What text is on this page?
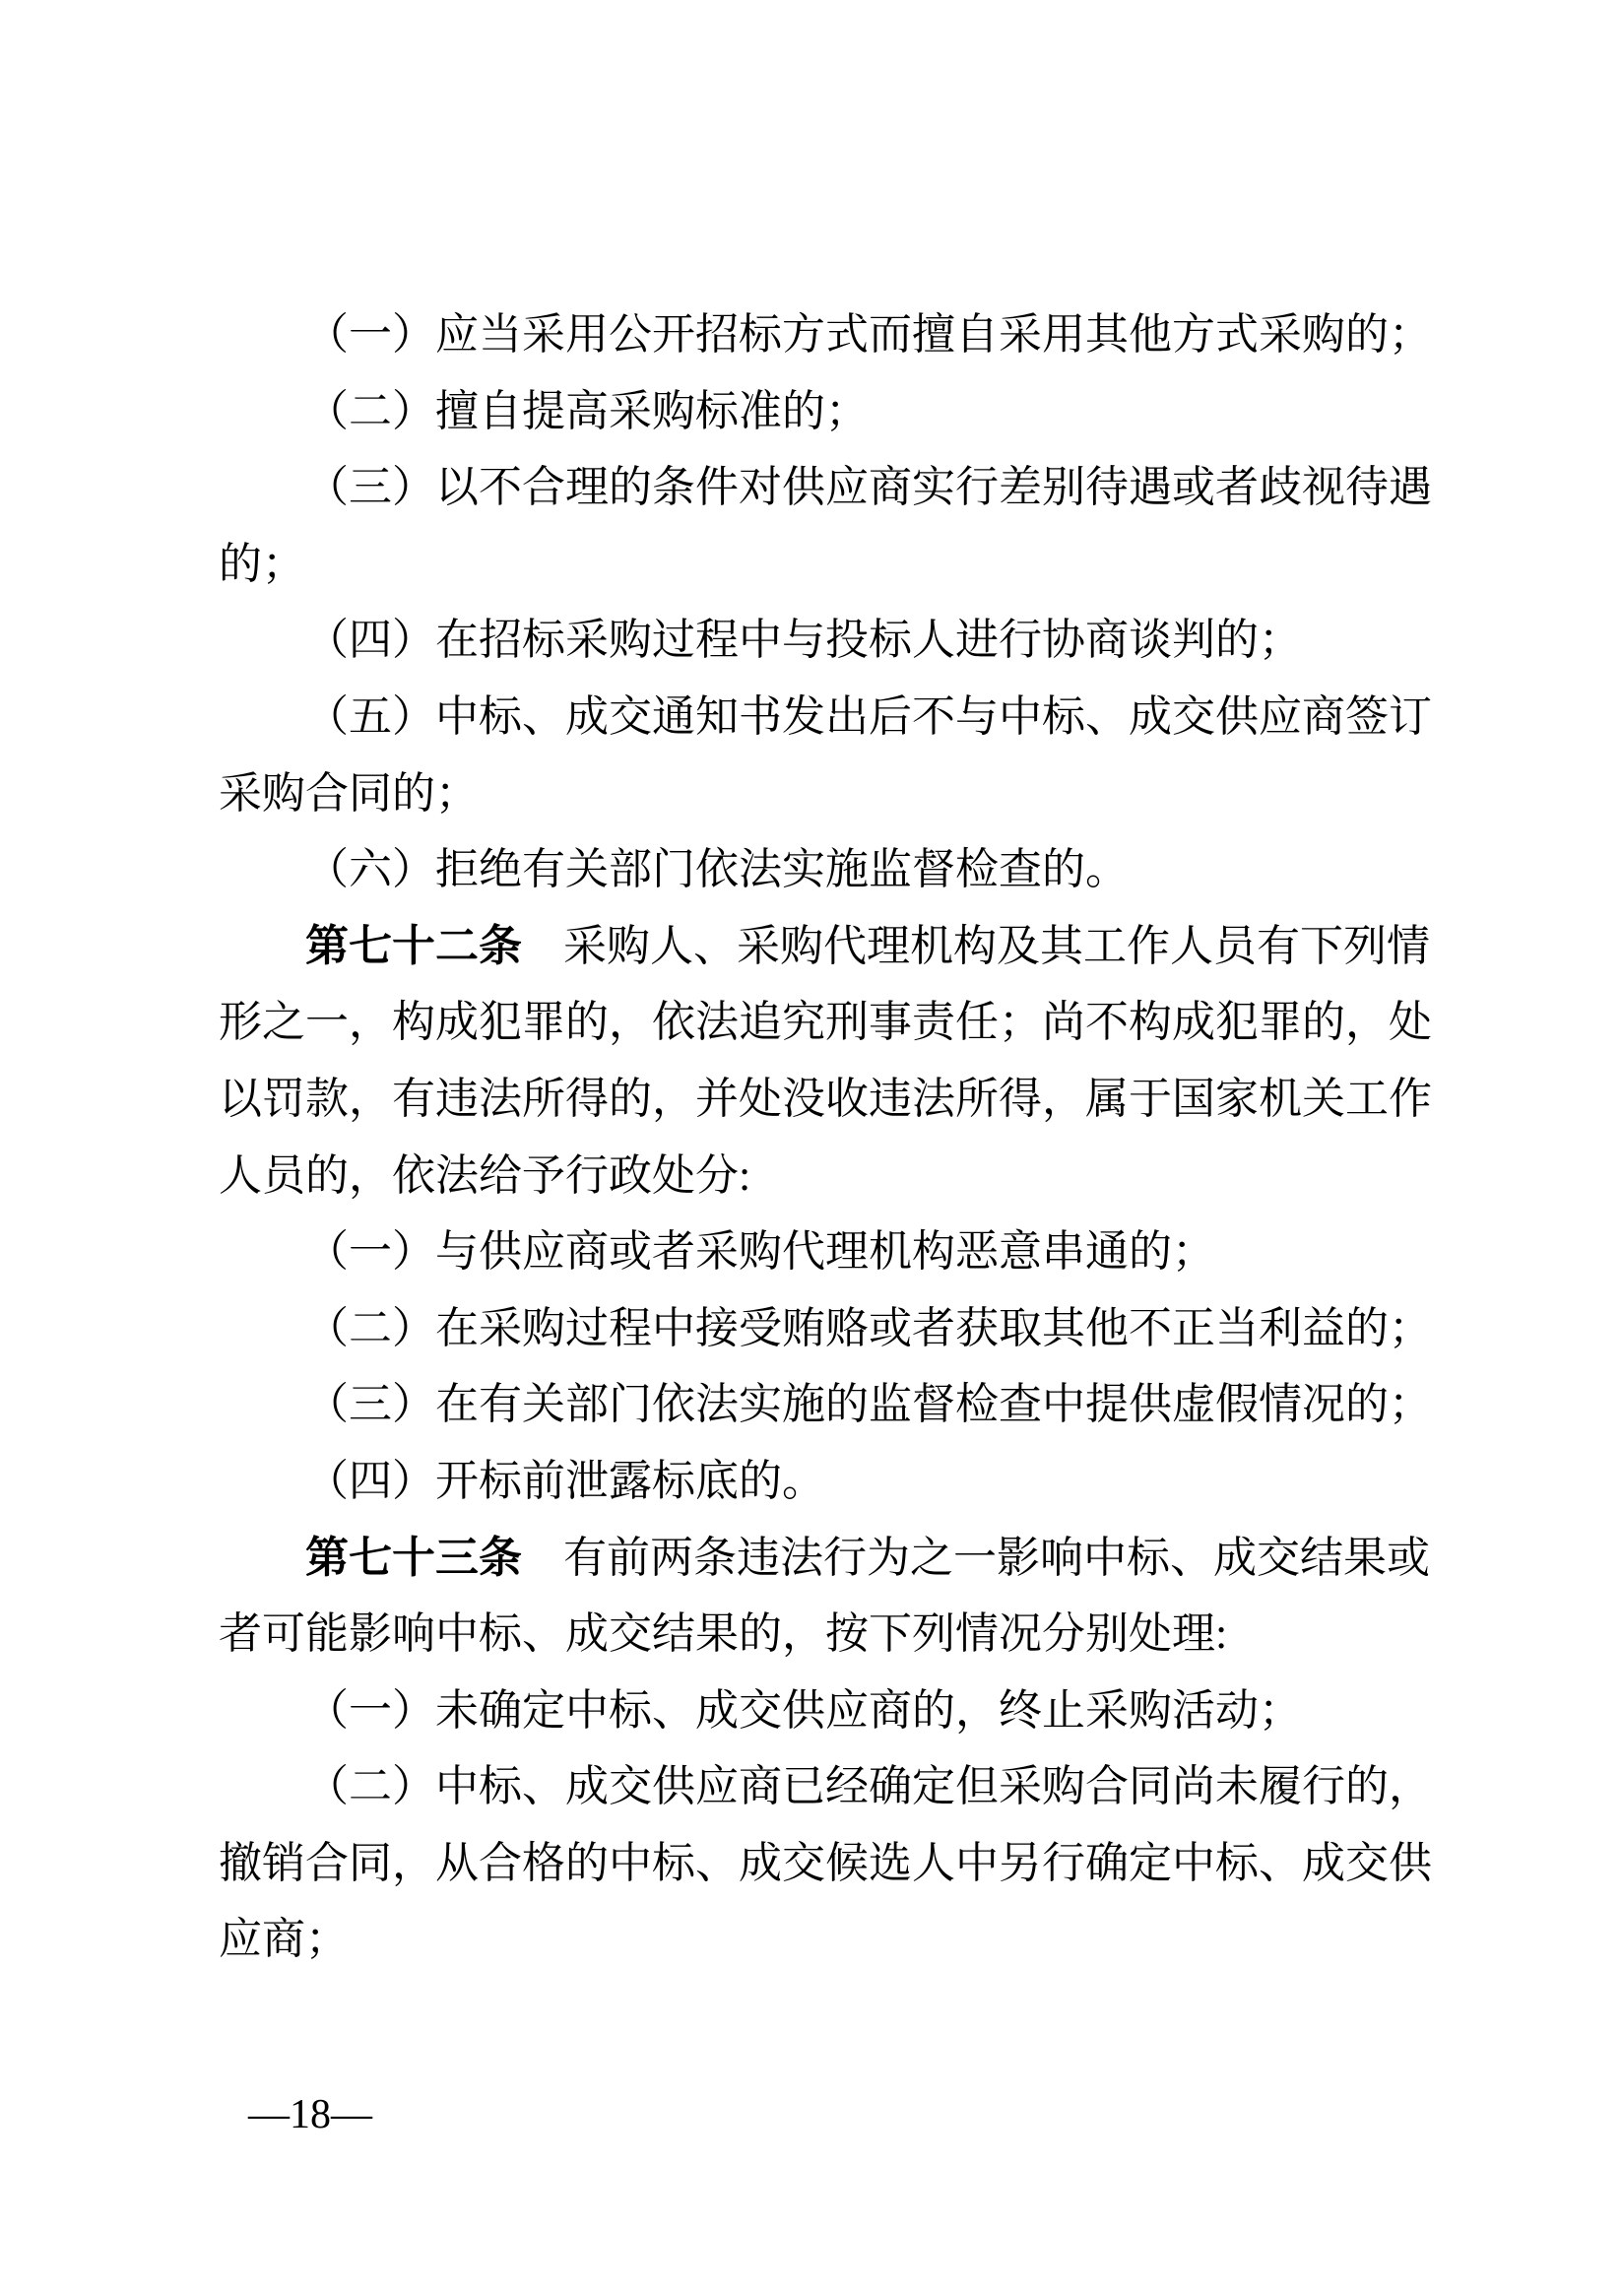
（一）应当采用公开招标方式而擅自采用其他方式采购的；
（二）擅自提高采购标准的；
（三）以不合理的条件对供应商实行差别待遇或者歧视待遇
的；
（四）在招标采购过程中与投标人进行协商谈判的；
（五）中标、成交通知书发出后不与中标、成交供应商签订
采购合同的；
（六）拒绝有关部门依法实施监督检查的。
第七十二条 采购人、采购代理机构及其工作人员有下列情
形之一，构成犯罪的，依法追究刑事责任；尚不构成犯罪的，处
以罚款，有违法所得的，并处没收违法所得，属于国家机关工作
人员的，依法给予行政处分:
（一）与供应商或者采购代理机构恶意串通的；
（二）在采购过程中接受贿赂或者获取其他不正当利益的；
（三）在有关部门依法实施的监督检查中提供虚假情况的；
（四）开标前泄露标底的。
第七十三条 有前两条违法行为之一影响中标、成交结果或
者可能影响中标、成交结果的，按下列情况分别处理:
（一）未确定中标、成交供应商的，终止采购活动；
（二）中标、成交供应商已经确定但采购合同尚未履行的，
撤销合同，从合格的中标、成交候选人中另行确定中标、成交供
应商；
—18—
